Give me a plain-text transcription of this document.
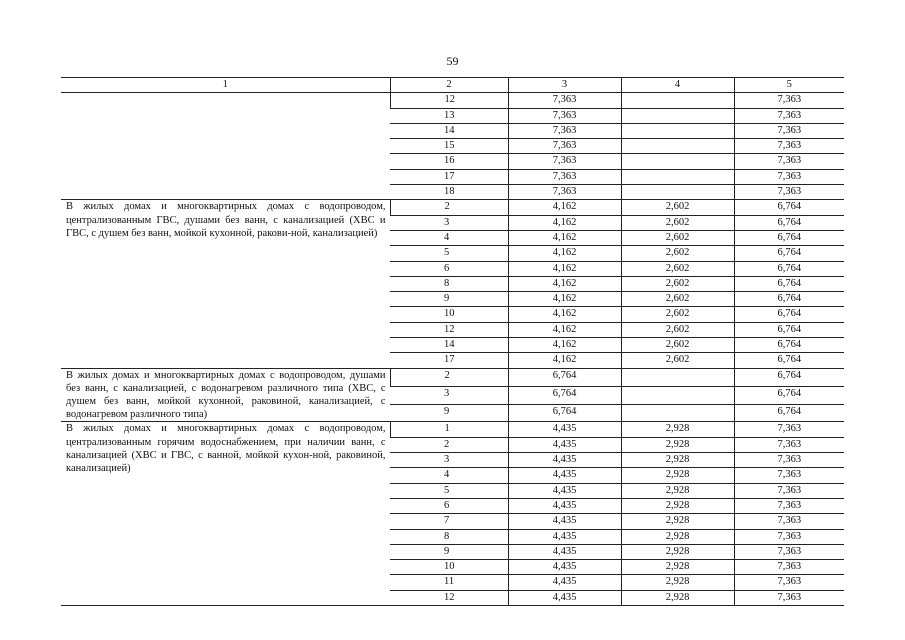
59
1	2	3	4	5
	12	7,363		7,363
	13	7,363		7,363
	14	7,363		7,363
	15	7,363		7,363
	16	7,363		7,363
	17	7,363		7,363
	18	7,363		7,363
В жилых домах и многоквартирных домах с водопроводом, централизованным ГВС, душами без ванн, с канализацией (ХВС и ГВС, с душем без ванн, мойкой кухонной, ракови-ной, канализацией)	2	4,162	2,602	6,764
	3	4,162	2,602	6,764
	4	4,162	2,602	6,764
	5	4,162	2,602	6,764
	6	4,162	2,602	6,764
	8	4,162	2,602	6,764
	9	4,162	2,602	6,764
	10	4,162	2,602	6,764
	12	4,162	2,602	6,764
	14	4,162	2,602	6,764
	17	4,162	2,602	6,764
В жилых домах и многоквартирных домах с водопроводом, душами без ванн, с канализацией, с водонагревом различного типа (ХВС, с душем без ванн, мойкой кухонной, раковиной, канализацией, с водонагревом различного типа)	2	6,764		6,764
	3	6,764		6,764
	9	6,764		6,764
В жилых домах и многоквартирных домах с водопроводом, централизованным горячим водоснабжением, при наличии ванн, с канализацией (ХВС и ГВС, с ванной, мойкой кухон-ной, раковиной, канализацией)	1	4,435	2,928	7,363
	2	4,435	2,928	7,363
	3	4,435	2,928	7,363
	4	4,435	2,928	7,363
	5	4,435	2,928	7,363
	6	4,435	2,928	7,363
	7	4,435	2,928	7,363
	8	4,435	2,928	7,363
	9	4,435	2,928	7,363
	10	4,435	2,928	7,363
	11	4,435	2,928	7,363
	12	4,435	2,928	7,363
